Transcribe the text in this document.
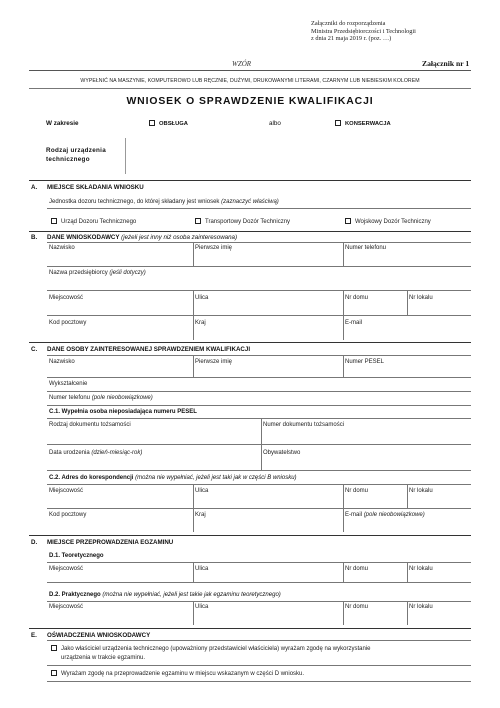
Załączniki do rozporządzenia
Ministra Przedsiębiorczości i Technologii
z dnia 21 maja 2019 r. (poz. …)
WZÓR	Załącznik nr 1
WYPEŁNIĆ NA MASZYNIE, KOMPUTEROWO LUB RĘCZNIE, DUŻYMI, DRUKOWANYMI LITERAMI, CZARNYM LUB NIEBIESKIM KOLOREM
WNIOSEK O SPRAWDZENIE KWALIFIKACJI
W zakresie	OBSŁUGA	albo	KONSERWACJA
Rodzaj urządzenia
technicznego
A. MIEJSCE SKŁADANIA WNIOSKU
Jednostka dozoru technicznego, do której składany jest wniosek (zaznaczyć właściwą)
Urząd Dozoru Technicznego	Transportowy Dozór Techniczny	Wojskowy Dozór Techniczny
B. DANE WNIOSKODAWCY (jeżeli jest inny niż osoba zainteresowana)
Nazwisko	Pierwsze imię	Numer telefonu
Nazwa przedsiębiorcy (jeśli dotyczy)
Miejscowość	Ulica	Nr domu	Nr lokalu
Kod pocztowy	Kraj	E-mail
C. DANE OSOBY ZAINTERESOWANEJ SPRAWDZENIEM KWALIFIKACJI
Nazwisko	Pierwsze imię	Numer PESEL
Wykształcenie
Numer telefonu (pole nieobowiązkowe)
C.1. Wypełnia osoba nieposiadająca numeru PESEL
Rodzaj dokumentu tożsamości	Numer dokumentu tożsamości
Data urodzenia (dzień-miesiąc-rok)	Obywatelstwo
C.2. Adres do korespondencji (można nie wypełniać, jeżeli jest taki jak w części B wniosku)
Miejscowość	Ulica	Nr domu	Nr lokalu
Kod pocztowy	Kraj	E-mail (pole nieobowiązkowe)
D. MIEJSCE PRZEPROWADZENIA EGZAMINU
D.1. Teoretycznego
Miejscowość	Ulica	Nr domu	Nr lokalu
D.2. Praktycznego (można nie wypełniać, jeżeli jest takie jak egzaminu teoretycznego)
Miejscowość	Ulica	Nr domu	Nr lokalu
E. OŚWIADCZENIA WNIOSKODAWCY
Jako właściciel urządzenia technicznego (upoważniony przedstawiciel właściciela) wyrażam zgodę na wykorzystanie
urządzenia w trakcie egzaminu.
Wyrażam zgodę na przeprowadzenie egzaminu w miejscu wskazanym w części D wniosku.
